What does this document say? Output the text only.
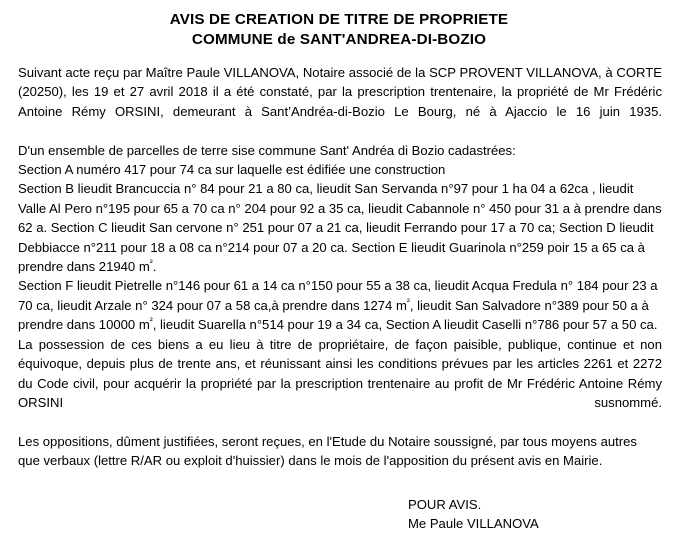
AVIS DE CREATION DE TITRE DE PROPRIETE
COMMUNE de SANT'ANDREA-DI-BOZIO

Suivant acte reçu par Maître Paule VILLANOVA, Notaire associé de la SCP PROVENT VILLANOVA, à CORTE (20250), les 19 et 27 avril 2018 il a été constaté, par la prescription trentenaire, la propriété de Mr Frédéric Antoine Rémy ORSINI, demeurant à Sant’Andréa-di-Bozio Le Bourg, né à Ajaccio le 16 juin 1935.

D'un ensemble de parcelles de terre sise commune Sant' Andréa di Bozio cadastrées:

Section A numéro 417 pour 74 ca sur laquelle est édifiée une construction

Section B lieudit Brancuccia n° 84 pour 21 a 80 ca, lieudit San Servanda n°97 pour 1 ha 04 a 62ca , lieudit Valle Al Pero n°195 pour 65 a 70 ca n° 204 pour 92 a 35 ca, lieudit Cabannole n° 450 pour 31 a à prendre dans 62 a. Section C lieudit San cervone n° 251 pour 07 a 21 ca, lieudit Ferrando pour 17 a 70 ca; Section D lieudit Debbiacce n°211 pour 18 a 08 ca n°214 pour 07 a 20 ca. Section E lieudit Guarinola n°259 poir 15 a 65 ca à prendre dans 21940 $m^{^2}$.

Section F lieudit Pietrelle n°146 pour 61 a 14 ca n°150 pour 55 a 38 ca, lieudit Acqua Fredula n° 184 pour 23 a 70 ca, lieudit Arzale n° 324 pour 07 a 58 ca,à prendre dans 1274 $m^{^2}$, lieudit San Salvadore n°389 pour 50 a à prendre dans 10000 $m^{^2}$, lieudit Suarella n°514 pour 19 a 34 ca, Section A lieudit Caselli n°786 pour 57 a 50 ca.

La possession de ces biens a eu lieu à titre de propriétaire, de façon paisible, publique, continue et non équivoque, depuis plus de trente ans, et réunissant ainsi les conditions prévues par les articles 2261 et 2272 du Code civil, pour acquérir la propriété par la prescription trentenaire au profit de Mr Frédéric Antoine Rémy ORSINI susnommé.

Les oppositions, dûment justifiées, seront reçues, en l'Etude du Notaire soussigné, par tous moyens autres que verbaux (lettre R/AR ou exploit d'huissier) dans le mois de l'apposition du présent avis en Mairie.

POUR AVIS.
Me Paule VILLANOVA
